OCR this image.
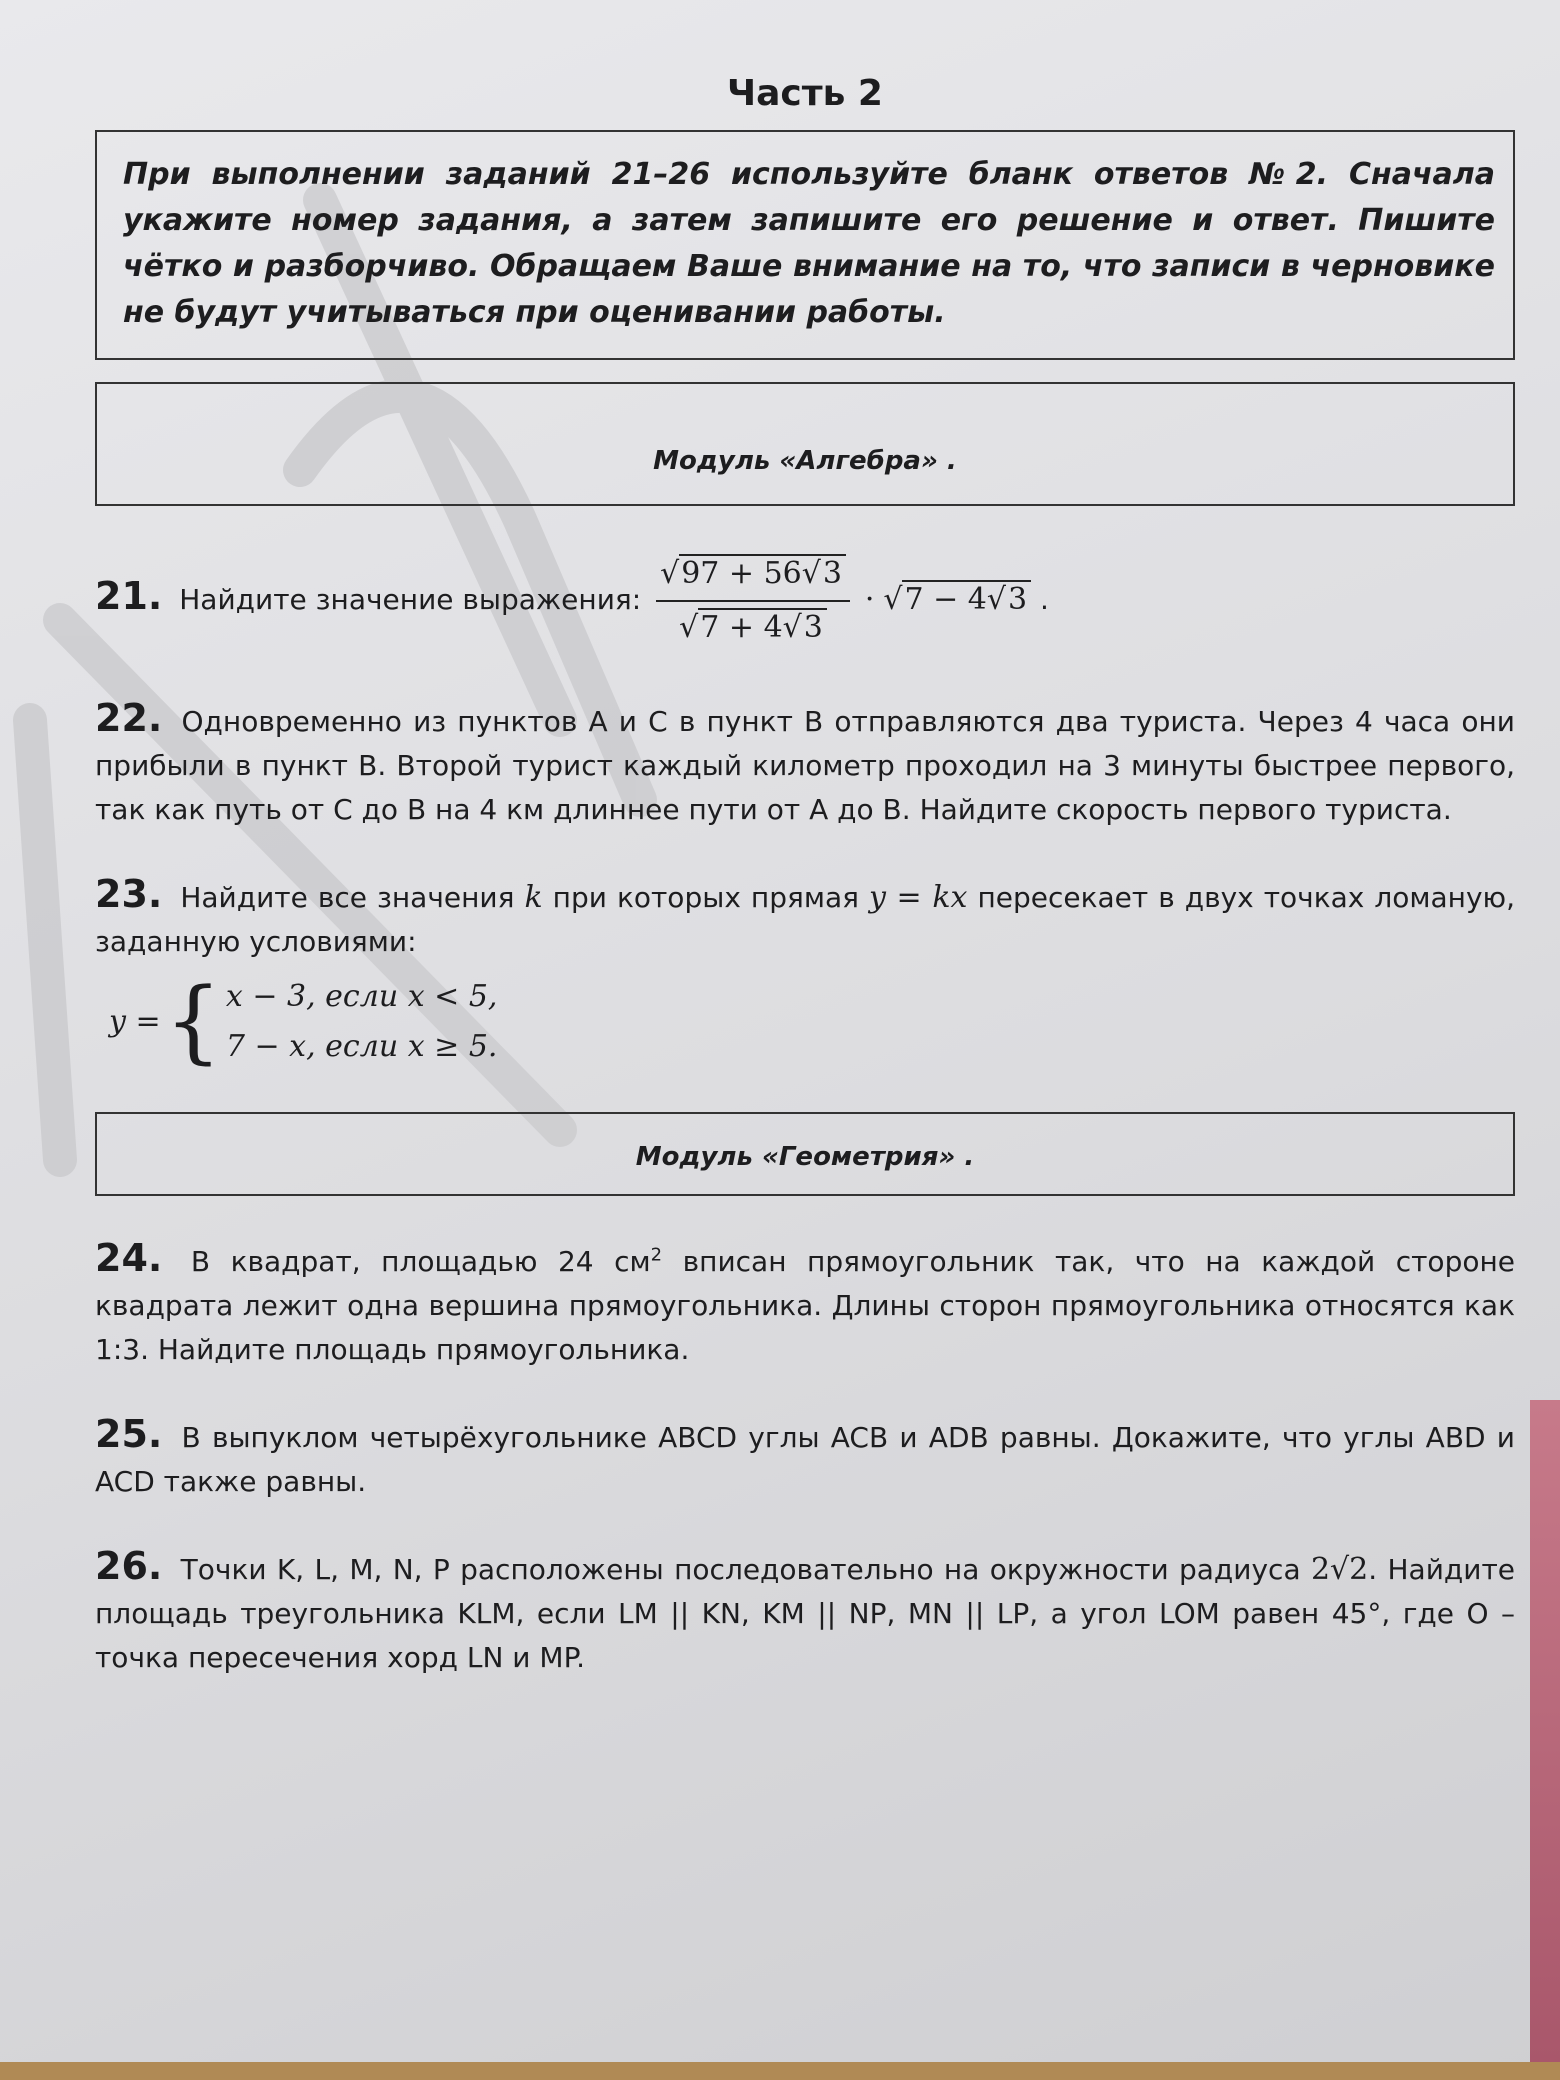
Часть 2
При выполнении заданий 21–26 используйте бланк ответов №2. Сначала укажите номер задания, а затем запишите его решение и ответ. Пишите чётко и разборчиво. Обращаем Ваше внимание на то, что записи в черновике не будут учитываться при оценивании работы.
Модуль «Алгебра» .
21. Найдите значение выражения: $\frac{√97 + 56√3}{√7 + 4√3} \cdot √7 - 4√3$ .
22. Одновременно из пунктов А и С в пункт В отправляются два туриста. Через 4 часа они прибыли в пункт В. Второй турист каждый километр проходил на 3 минуты быстрее первого, так как путь от С до В на 4 км длиннее пути от А до В. Найдите скорость первого туриста.
23. Найдите все значения k при которых прямая y = kx пересекает в двух точках ломаную, заданную условиями:
y = { x − 3, если x < 5,
7 − x, если x ≥ 5.
Модуль «Геометрия» .
24. В квадрат, площадью 24 $см^2$ вписан прямоугольник так, что на каждой стороне квадрата лежит одна вершина прямоугольника. Длины сторон прямоугольника относятся как 1:3. Найдите площадь прямоугольника.
25. В выпуклом четырёхугольнике ABCD углы ACB и ADB равны. Докажите, что углы ABD и ACD также равны.
26. Точки K, L, M, N, P расположены последовательно на окружности радиуса 2√2. Найдите площадь треугольника KLM, если LM || KN, KM || NP, MN || LP, а угол LOM равен 45°, где O – точка пересечения хорд LN и MP.
